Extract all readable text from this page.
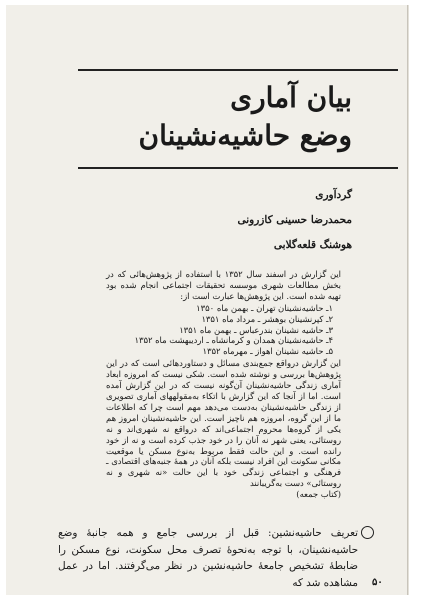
بیان آماری
وضع حاشیه‌نشینان
گردآوری
محمدرضا حسینی کازرونی
هوشنگ قلعه‌گلابی

این گزارش در اسفند سال ۱۳۵۲ با استفاده از پژوهش‌هائی که در بخش مطالعات شهری موسسه تحقیقات اجتماعی انجام شده بود تهیه شده است. این پژوهش‌ها عبارت است از:

۱ـ حاشیه‌نشینان تهران ـ بهمن ماه ۱۳۵۰
۲ـ کپرنشینان بوهشر ـ مرداد ماه ۱۳۵۱
۳ـ حاشیه نشینان بندرعباس ـ بهمن ماه ۱۳۵۱
۴ـ حاشیه‌نشینان همدان و کرمانشاه ـ اردیبهشت ماه ۱۳۵۲
۵ـ حاشیه نشینان اهواز ـ مهرماه ۱۳۵۲

این گزارش درواقع جمع‌بندی مسائل و دستاوردهائی است که در این پژوهش‌ها بررسی و نوشته شده است. شکی نیست که امروزه ابعاد آماری زندگی حاشیه‌نشینان آن‌گونه نیست که در این گزارش آمده است. اما از آنجا که این گزارش با اتکاء به‌مقولههای آماری تصویری از زندگی حاشیه‌نشینان به‌دست می‌دهد مهم است چرا که اطلاعات ما از این گروه، امروزه هم ناچیز است. این حاشیه‌نشینان امروز هم یکی از گروه‌ها محروم اجتماعی‌اند که درواقع نه شهری‌اند و نه روستائی، یعنی شهر نه آنان را در خود جذب کرده است و نه از خود رانده است. و این حالت فقط مربوط به‌نوع مسکن یا موقعیت مکانی سکونت این افراد نیست بلکه آنان در همهٔ جنبه‌های اقتصادی ـ فرهنگی و اجتماعی زندگی خود با این حالت «نه شهری و نه روستائی» دست به‌گریبانند

(کتاب جمعه)

تعریف حاشیه‌نشین: قبل از بررسی جامع و همه جانبهٔ وضع حاشیه‌نشینان، با توجه به‌نحوهٔ تصرف محل سکونت، نوع مسکن را ضابطهٔ تشخیص جامعهٔ حاشیه‌نشین در نظر می‌گرفتند. اما در عمل مشاهده شد که ۵۰
